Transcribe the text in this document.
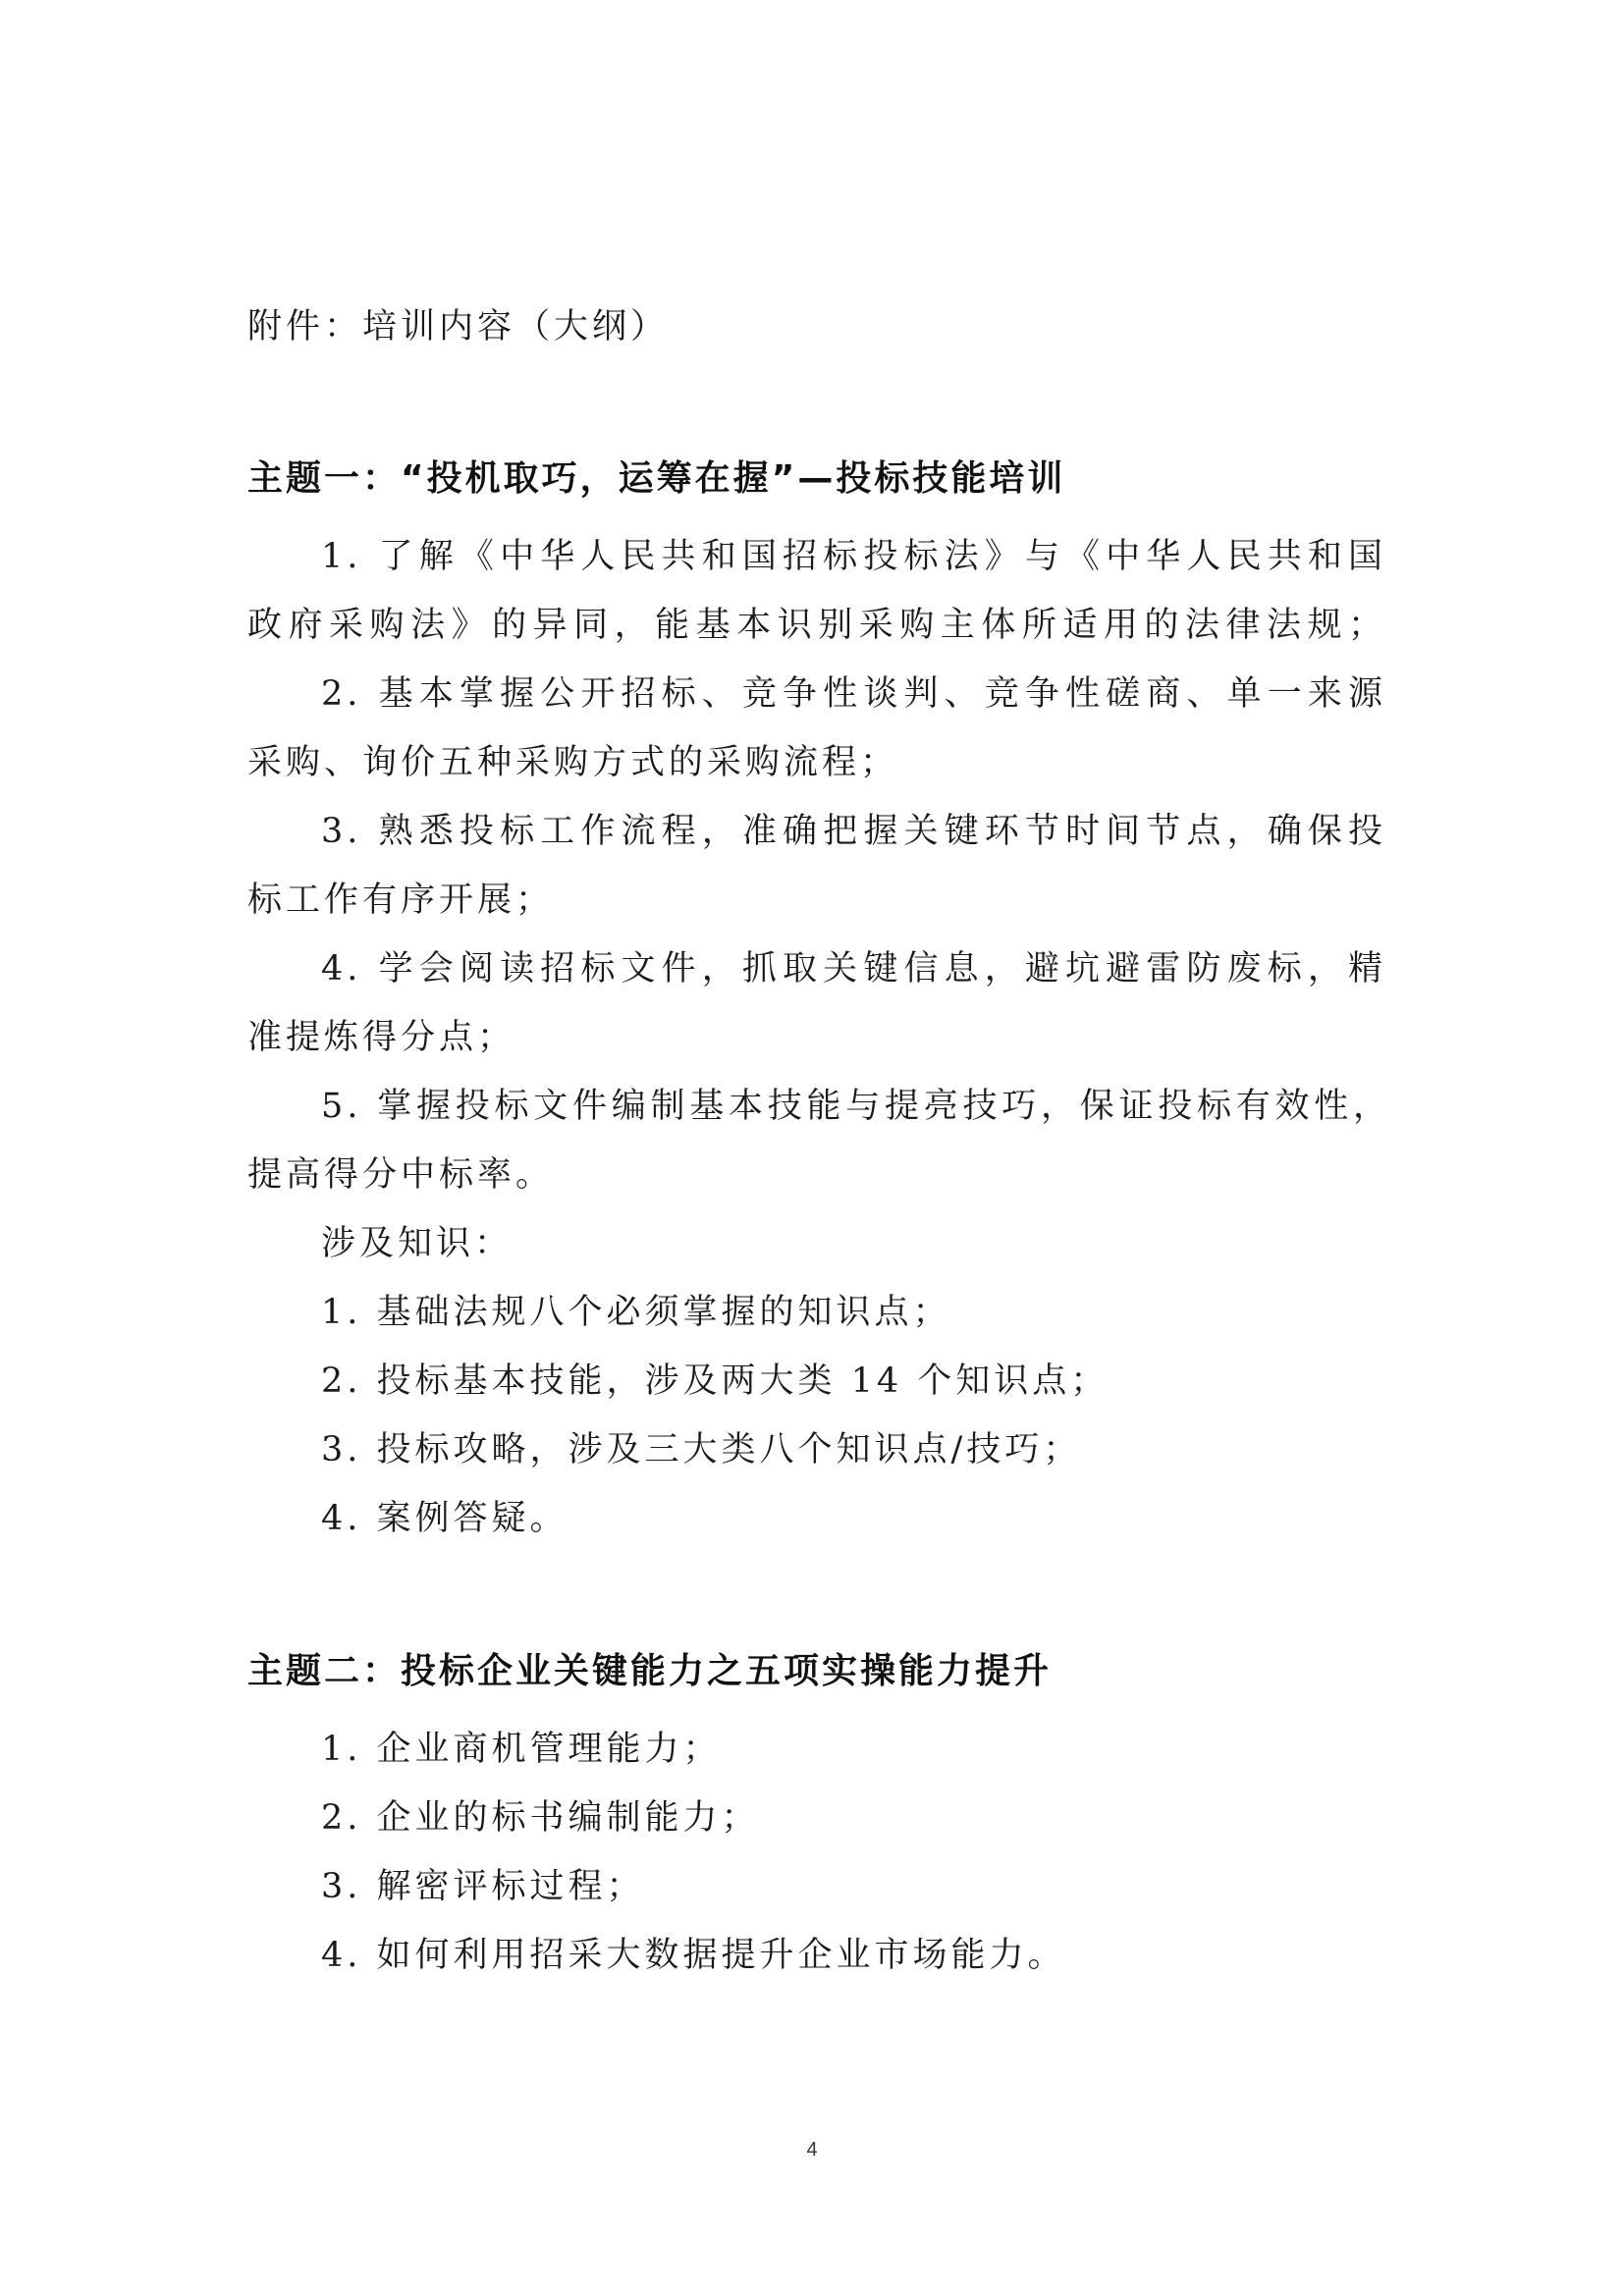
附件：培训内容（大纲）
主题一：“投机取巧，运筹在握”—投标技能培训
1. 了解《中华人民共和国招标投标法》与《中华人民共和国
政府采购法》的异同，能基本识别采购主体所适用的法律法规；
2. 基本掌握公开招标、竞争性谈判、竞争性磋商、单一来源
采购、询价五种采购方式的采购流程；
3. 熟悉投标工作流程，准确把握关键环节时间节点，确保投
标工作有序开展；
4. 学会阅读招标文件，抓取关键信息，避坑避雷防废标，精
准提炼得分点；
5. 掌握投标文件编制基本技能与提亮技巧，保证投标有效性，
提高得分中标率。
涉及知识：
1. 基础法规八个必须掌握的知识点；
2. 投标基本技能，涉及两大类 14 个知识点；
3. 投标攻略，涉及三大类八个知识点/技巧；
4. 案例答疑。
主题二：投标企业关键能力之五项实操能力提升
1. 企业商机管理能力；
2. 企业的标书编制能力；
3. 解密评标过程；
4. 如何利用招采大数据提升企业市场能力。
4
